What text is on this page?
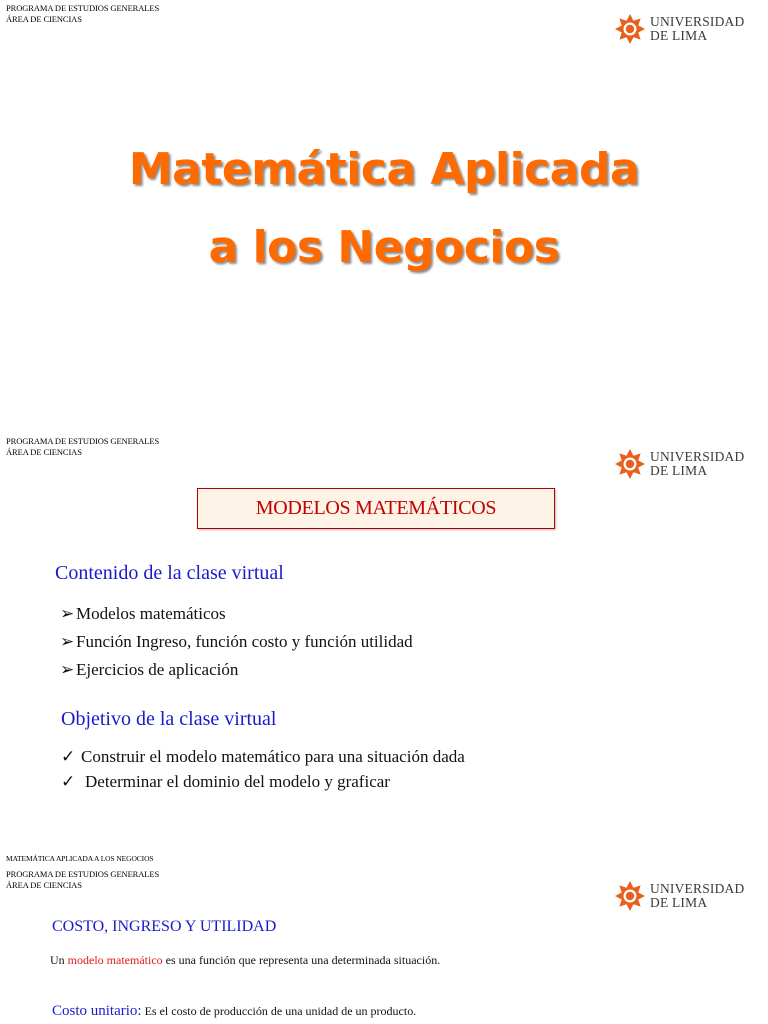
PROGRAMA DE ESTUDIOS GENERALES
ÁREA DE CIENCIAS	UNIVERSIDAD
DE LIMA
Matemática Aplicada
a los Negocios
PROGRAMA DE ESTUDIOS GENERALES
ÁREA DE CIENCIAS	UNIVERSIDAD
DE LIMA
MODELOS MATEMÁTICOS
Contenido de la clase virtual
➢ Modelos matemáticos
➢ Función Ingreso, función costo y función utilidad
➢ Ejercicios de aplicación
Objetivo de la clase virtual
✓ Construir el modelo matemático para una situación dada
✓ Determinar el dominio del modelo y graficar
MATEMÁTICA APLICADA A LOS NEGOCIOS
PROGRAMA DE ESTUDIOS GENERALES
ÁREA DE CIENCIAS	UNIVERSIDAD
DE LIMA
COSTO, INGRESO Y UTILIDAD
Un modelo matemático es una función que representa una determinada situación.
Costo unitario: Es el costo de producción de una unidad de un producto.
